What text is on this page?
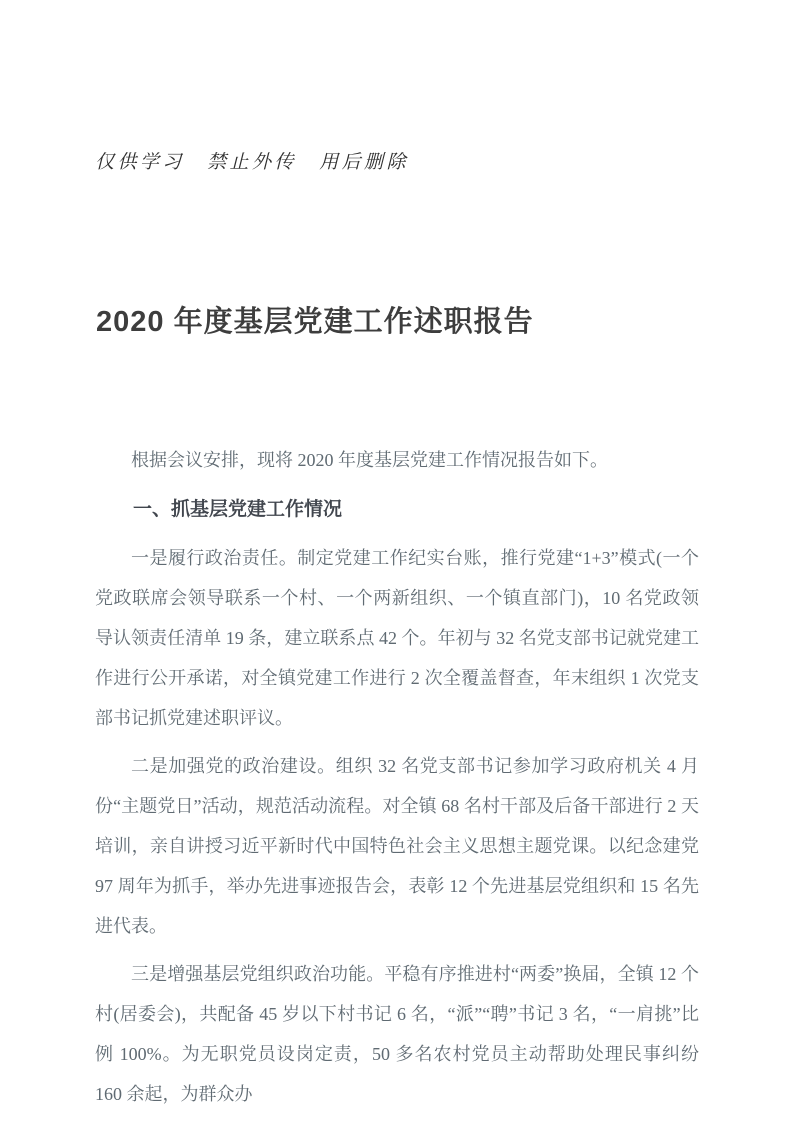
仅供学习　禁止外传　用后删除
2020 年度基层党建工作述职报告

根据会议安排，现将 2020 年度基层党建工作情况报告如下。

一、抓基层党建工作情况

一是履行政治责任。制定党建工作纪实台账，推行党建“1+3”模式(一个党政联席会领导联系一个村、一个两新组织、一个镇直部门)，10 名党政领导认领责任清单 19 条，建立联系点 42 个。年初与 32 名党支部书记就党建工作进行公开承诺，对全镇党建工作进行 2 次全覆盖督查，年末组织 1 次党支部书记抓党建述职评议。

二是加强党的政治建设。组织 32 名党支部书记参加学习政府机关 4 月份“主题党日”活动，规范活动流程。对全镇 68 名村干部及后备干部进行 2 天培训，亲自讲授习近平新时代中国特色社会主义思想主题党课。以纪念建党 97 周年为抓手，举办先进事迹报告会，表彰 12 个先进基层党组织和 15 名先进代表。

三是增强基层党组织政治功能。平稳有序推进村“两委”换届，全镇 12 个村(居委会)，共配备 45 岁以下村书记 6 名，“派”“聘”书记 3 名，“一肩挑”比例 100%。为无职党员设岗定责，50 多名农村党员主动帮助处理民事纠纷 160 余起，为群众办
